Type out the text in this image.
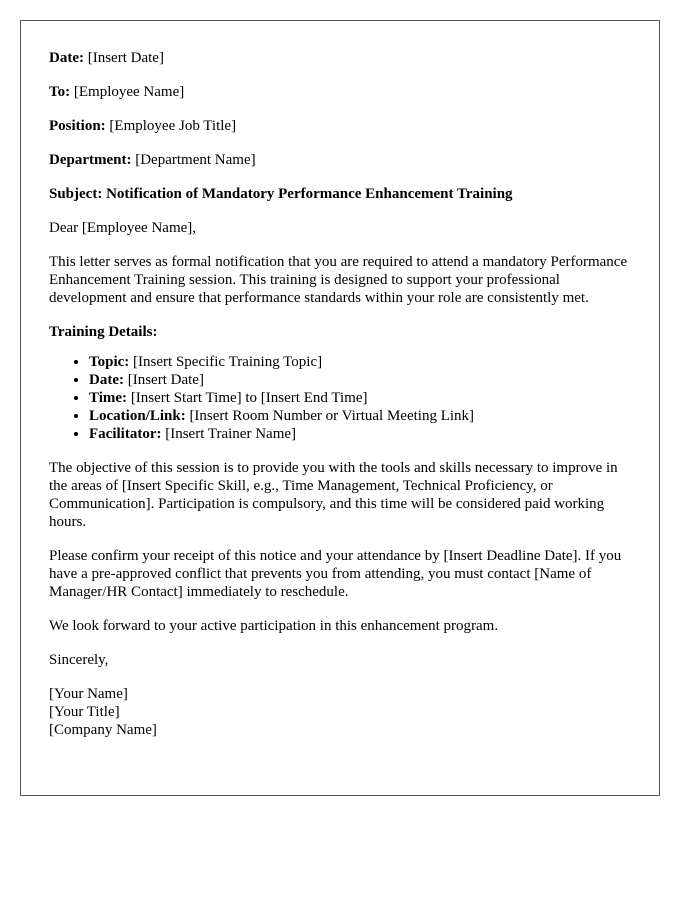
Date: [Insert Date]
To: [Employee Name]
Position: [Employee Job Title]
Department: [Department Name]
Subject: Notification of Mandatory Performance Enhancement Training

Dear [Employee Name],

This letter serves as formal notification that you are required to attend a mandatory Performance Enhancement Training session. This training is designed to support your professional development and ensure that performance standards within your role are consistently met.

Training Details:
• Topic: [Insert Specific Training Topic]
• Date: [Insert Date]
• Time: [Insert Start Time] to [Insert End Time]
• Location/Link: [Insert Room Number or Virtual Meeting Link]
• Facilitator: [Insert Trainer Name]

The objective of this session is to provide you with the tools and skills necessary to improve in the areas of [Insert Specific Skill, e.g., Time Management, Technical Proficiency, or Communication]. Participation is compulsory, and this time will be considered paid working hours.

Please confirm your receipt of this notice and your attendance by [Insert Deadline Date]. If you have a pre-approved conflict that prevents you from attending, you must contact [Name of Manager/HR Contact] immediately to reschedule.

We look forward to your active participation in this enhancement program.

Sincerely,

[Your Name]
[Your Title]
[Company Name]
